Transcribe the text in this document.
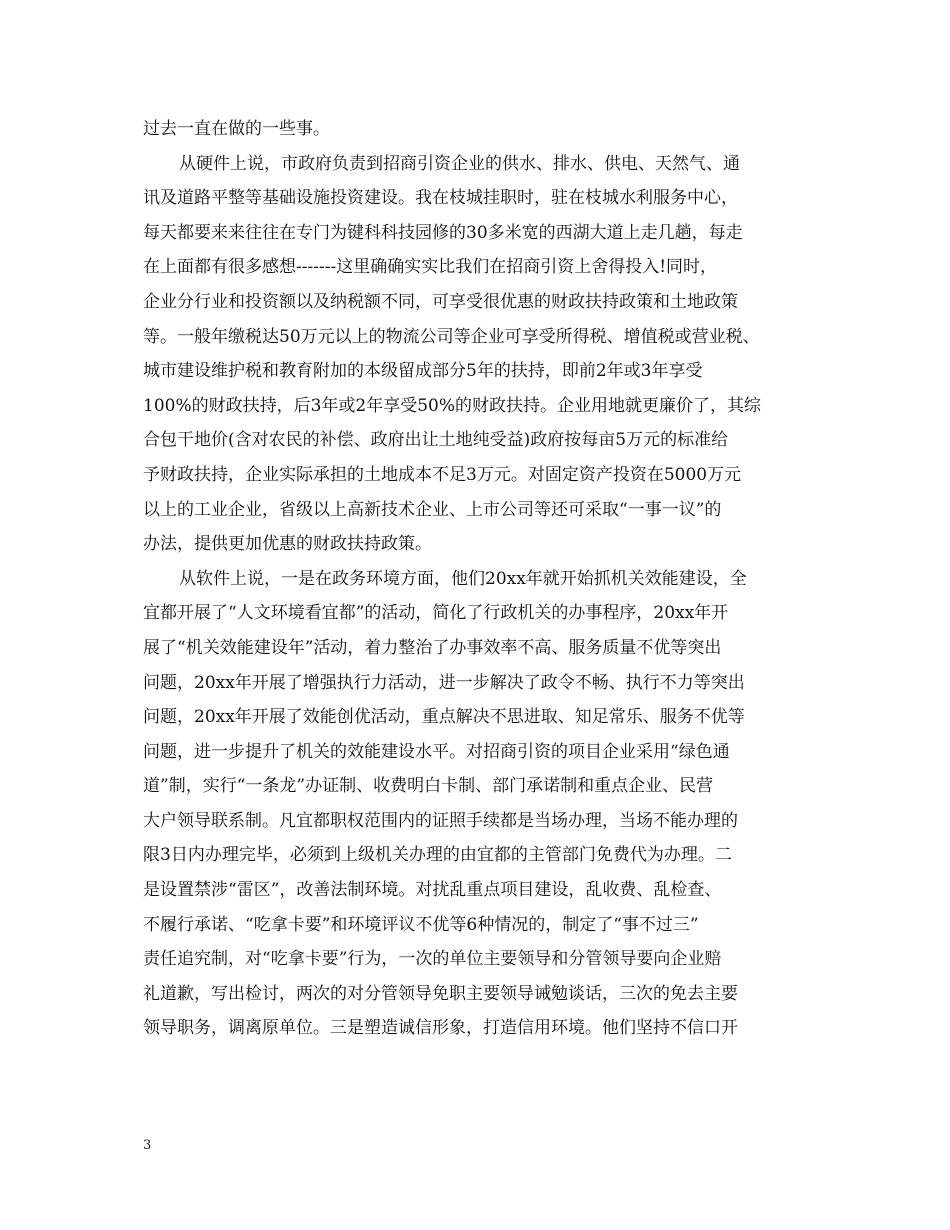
过去一直在做的一些事。
从硬件上说，市政府负责到招商引资企业的供水、排水、供电、天然气、通
讯及道路平整等基础设施投资建设。我在枝城挂职时，驻在枝城水利服务中心，
每天都要来来往往在专门为键科科技园修的30多米宽的西湖大道上走几趟，每走
在上面都有很多感想-------这里确确实实比我们在招商引资上舍得投入!同时，
企业分行业和投资额以及纳税额不同，可享受很优惠的财政扶持政策和土地政策
等。一般年缴税达50万元以上的物流公司等企业可享受所得税、增值税或营业税、
城市建设维护税和教育附加的本级留成部分5年的扶持，即前2年或3年享受
100%的财政扶持，后3年或2年享受50%的财政扶持。企业用地就更廉价了，其综
合包干地价(含对农民的补偿、政府出让土地纯受益)政府按每亩5万元的标准给
予财政扶持，企业实际承担的土地成本不足3万元。对固定资产投资在5000万元
以上的工业企业，省级以上高新技术企业、上市公司等还可采取“一事一议”的
办法，提供更加优惠的财政扶持政策。
从软件上说，一是在政务环境方面，他们20xx年就开始抓机关效能建设，全
宜都开展了“人文环境看宜都”的活动，简化了行政机关的办事程序，20xx年开
展了“机关效能建设年”活动，着力整治了办事效率不高、服务质量不优等突出
问题，20xx年开展了增强执行力活动，进一步解决了政令不畅、执行不力等突出
问题，20xx年开展了效能创优活动，重点解决不思进取、知足常乐、服务不优等
问题，进一步提升了机关的效能建设水平。对招商引资的项目企业采用“绿色通
道”制，实行“一条龙”办证制、收费明白卡制、部门承诺制和重点企业、民营
大户领导联系制。凡宜都职权范围内的证照手续都是当场办理，当场不能办理的
限3日内办理完毕，必须到上级机关办理的由宜都的主管部门免费代为办理。二
是设置禁涉“雷区”，改善法制环境。对扰乱重点项目建设，乱收费、乱检查、
不履行承诺、“吃拿卡要”和环境评议不优等6种情况的，制定了“事不过三”
责任追究制，对“吃拿卡要”行为，一次的单位主要领导和分管领导要向企业赔
礼道歉，写出检讨，两次的对分管领导免职主要领导诫勉谈话，三次的免去主要
领导职务，调离原单位。三是塑造诚信形象，打造信用环境。他们坚持不信口开
3
